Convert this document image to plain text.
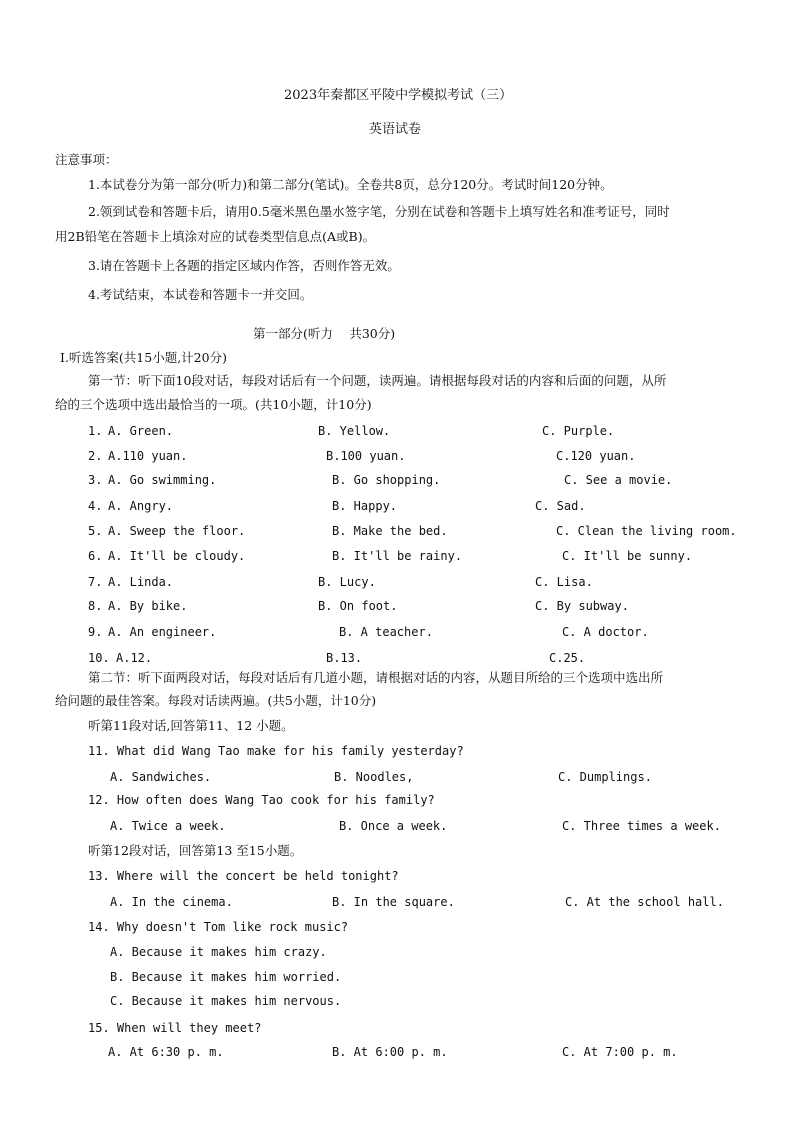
2023年秦都区平陵中学模拟考试（三）
英语试卷
注意事项：
1.本试卷分为第一部分(听力)和第二部分(笔试)。全卷共8页，总分120分。考试时间120分钟。
2.领到试卷和答题卡后，请用0.5毫米黑色墨水签字笔，分别在试卷和答题卡上填写姓名和准考证号，同时
用2B铅笔在答题卡上填涂对应的试卷类型信息点(A或B)。
3.请在答题卡上各题的指定区域内作答，否则作答无效。
4.考试结束，本试卷和答题卡一并交回。
第一部分(听力　 共30分)
Ⅰ.听选答案(共15小题,计20分)
第一节：听下面10段对话，每段对话后有一个问题，读两遍。请根据每段对话的内容和后面的问题，从所
给的三个选项中选出最恰当的一项。(共10小题，计10分)
1. A. Green.	B. Yellow.	C. Purple.
2. A.110 yuan.	B.100 yuan.	C.120 yuan.
3. A. Go swimming.	B. Go shopping.	C. See a movie.
4. A. Angry.	B. Happy.	C. Sad.
5. A. Sweep the floor.	B. Make the bed.	C. Clean the living room.
6. A. It'll be cloudy.	B. It'll be rainy.	C. It'll be sunny.
7. A. Linda.	B. Lucy.	C. Lisa.
8. A. By bike.	B. On foot.	C. By subway.
9. A. An engineer.	B. A teacher.	C. A doctor.
10. A.12.	B.13.	C.25.
第二节：听下面两段对话，每段对话后有几道小题，请根据对话的内容，从题目所给的三个选项中选出所
给问题的最佳答案。每段对话读两遍。(共5小题，计10分)
听第11段对话,回答第11、12 小题。
11. What did Wang Tao make for his family yesterday?
A. Sandwiches.	B. Noodles,	C. Dumplings.
12. How often does Wang Tao cook for his family?
A. Twice a week.	B. Once a week.	C. Three times a week.
听第12段对话，回答第13 至15小题。
13. Where will the concert be held tonight?
A. In the cinema.	B. In the square.	C. At the school hall.
14. Why doesn't Tom like rock music?
A. Because it makes him crazy.
B. Because it makes him worried.
C. Because it makes him nervous.
15. When will they meet?
A. At 6:30 p. m.	B. At 6:00 p. m.	C. At 7:00 p. m.
